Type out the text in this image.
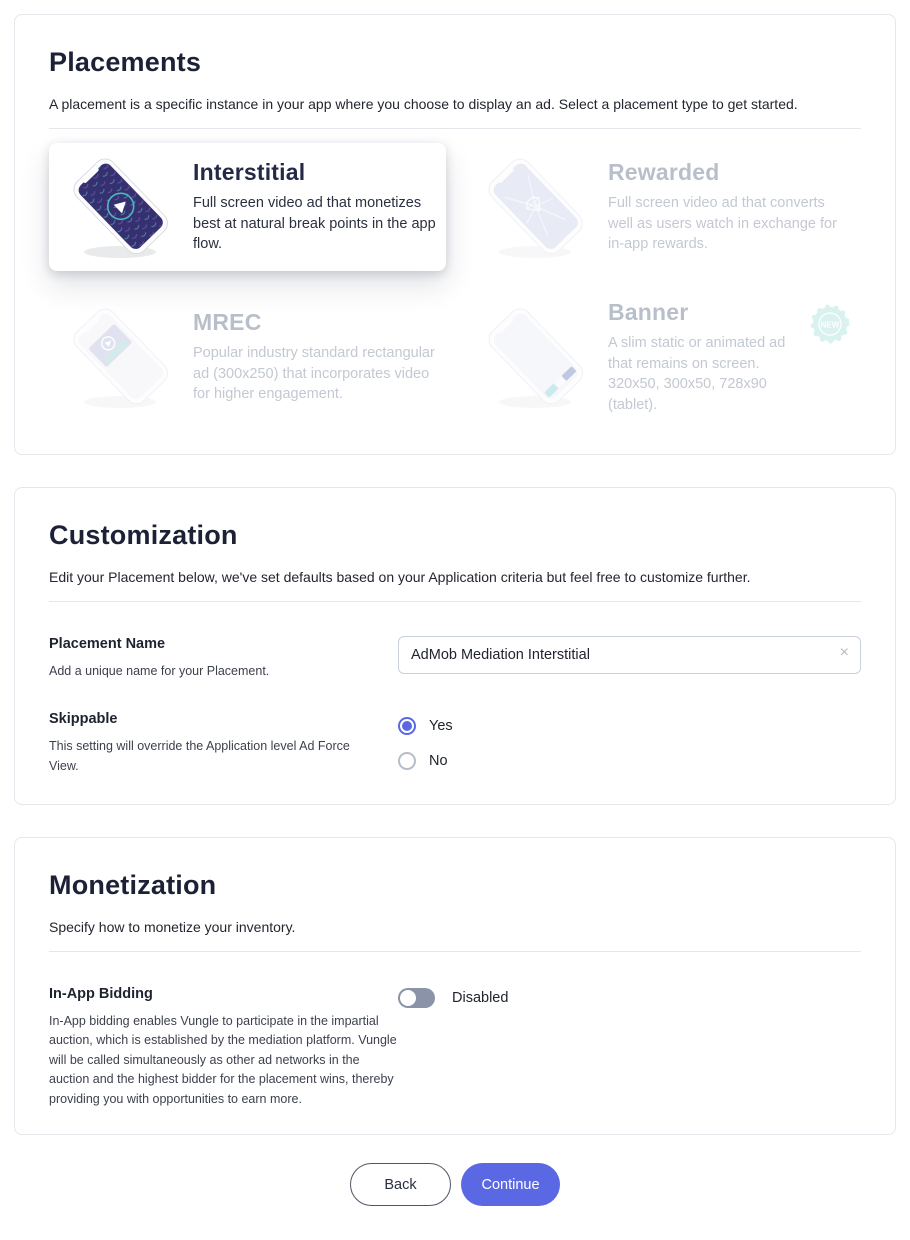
Placements
A placement is a specific instance in your app where you choose to display an ad. Select a placement type to get started.
Interstitial
Full screen video ad that monetizes best at natural break points in the app flow.
Rewarded
Full screen video ad that converts well as users watch in exchange for in-app rewards.
MREC
Popular industry standard rectangular ad (300x250) that incorporates video for higher engagement.
Banner
A slim static or animated ad that remains on screen. 320x50, 300x50, 728x90 (tablet).
NEW
Customization
Edit your Placement below, we've set defaults based on your Application criteria but feel free to customize further.
Placement Name
Add a unique name for your Placement.
AdMob Mediation Interstitial
×
Skippable
This setting will override the Application level Ad Force View.
Yes
No
Monetization
Specify how to monetize your inventory.
In-App Bidding
In-App bidding enables Vungle to participate in the impartial auction, which is established by the mediation platform. Vungle will be called simultaneously as other ad networks in the auction and the highest bidder for the placement wins, thereby providing you with opportunities to earn more.
Disabled
Back	Continue
